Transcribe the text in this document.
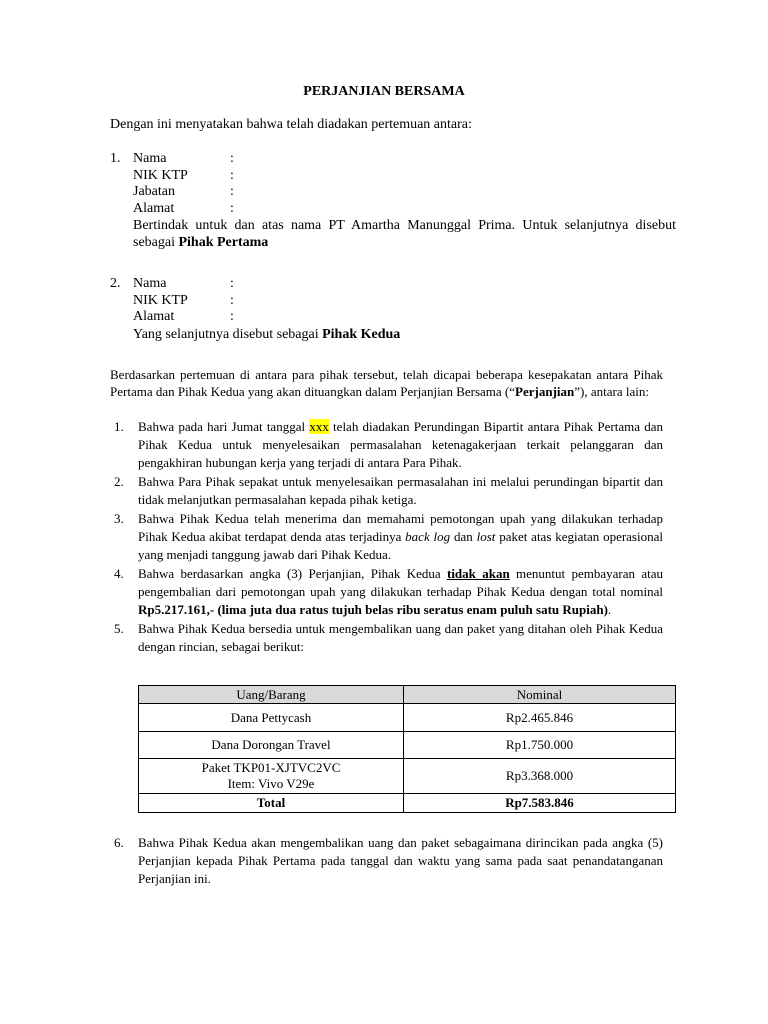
PERJANJIAN BERSAMA
Dengan ini menyatakan bahwa telah diadakan pertemuan antara:
1. Nama	:
NIK KTP	:
Jabatan	:
Alamat	:
Bertindak untuk dan atas nama PT Amartha Manunggal Prima. Untuk selanjutnya disebut sebagai Pihak Pertama
2. Nama	:
NIK KTP	:
Alamat	:
Yang selanjutnya disebut sebagai Pihak Kedua
Berdasarkan pertemuan di antara para pihak tersebut, telah dicapai beberapa kesepakatan antara Pihak Pertama dan Pihak Kedua yang akan dituangkan dalam Perjanjian Bersama (“Perjanjian”), antara lain:
1. Bahwa pada hari Jumat tanggal xxx telah diadakan Perundingan Bipartit antara Pihak Pertama dan Pihak Kedua untuk menyelesaikan permasalahan ketenagakerjaan terkait pelanggaran dan pengakhiran hubungan kerja yang terjadi di antara Para Pihak.
2. Bahwa Para Pihak sepakat untuk menyelesaikan permasalahan ini melalui perundingan bipartit dan tidak melanjutkan permasalahan kepada pihak ketiga.
3. Bahwa Pihak Kedua telah menerima dan memahami pemotongan upah yang dilakukan terhadap Pihak Kedua akibat terdapat denda atas terjadinya back log dan lost paket atas kegiatan operasional yang menjadi tanggung jawab dari Pihak Kedua.
4. Bahwa berdasarkan angka (3) Perjanjian, Pihak Kedua tidak akan menuntut pembayaran atau pengembalian dari pemotongan upah yang dilakukan terhadap Pihak Kedua dengan total nominal Rp5.217.161,- (lima juta dua ratus tujuh belas ribu seratus enam puluh satu Rupiah).
5. Bahwa Pihak Kedua bersedia untuk mengembalikan uang dan paket yang ditahan oleh Pihak Kedua dengan rincian, sebagai berikut:
Uang/Barang	Nominal
Dana Pettycash	Rp2.465.846
Dana Dorongan Travel	Rp1.750.000

Paket TKP01-XJTVC2VC
Item: Vivo V29e	Rp3.368.000
Total	Rp7.583.846
6. Bahwa Pihak Kedua akan mengembalikan uang dan paket sebagaimana dirincikan pada angka (5) Perjanjian kepada Pihak Pertama pada tanggal dan waktu yang sama pada saat penandatanganan Perjanjian ini.
